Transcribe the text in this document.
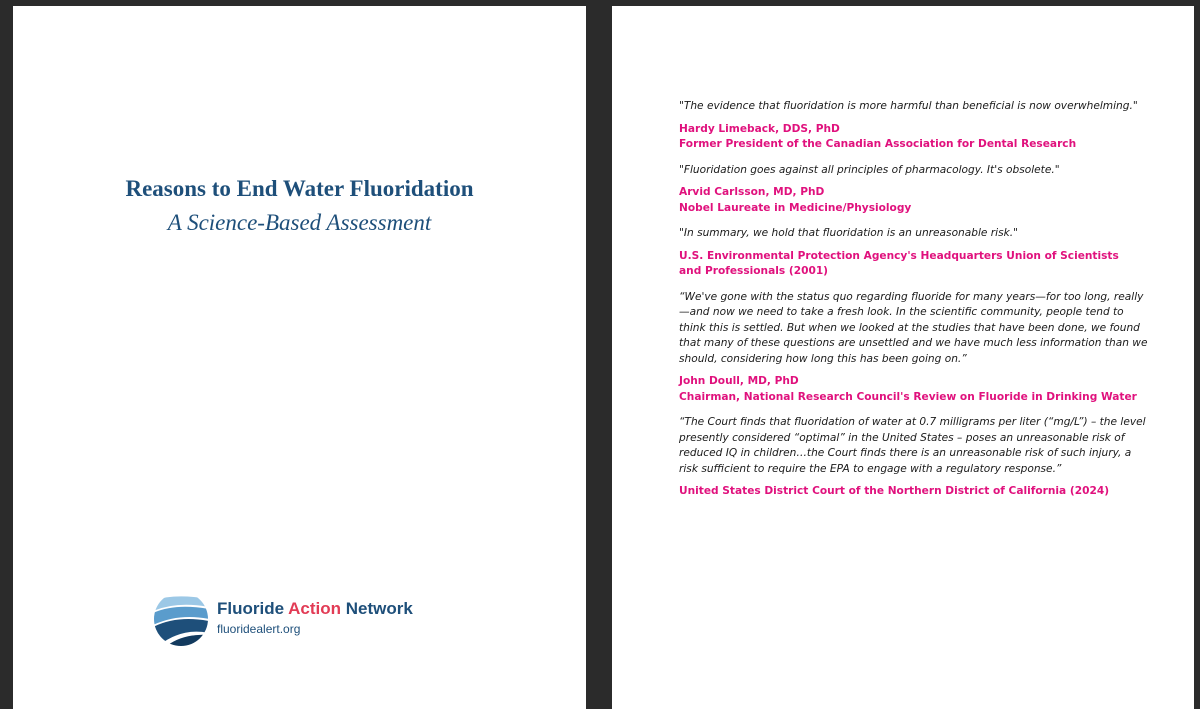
Reasons to End Water Fluoridation
A Science-Based Assessment
Fluoride Action Network
fluoridealert.org

"The evidence that fluoridation is more harmful than beneficial is now overwhelming."

Hardy Limeback, DDS, PhD
Former President of the Canadian Association for Dental Research

"Fluoridation goes against all principles of pharmacology. It's obsolete."

Arvid Carlsson, MD, PhD
Nobel Laureate in Medicine/Physiology

"In summary, we hold that fluoridation is an unreasonable risk."

U.S. Environmental Protection Agency's Headquarters Union of Scientists
and Professionals (2001)

“We've gone with the status quo regarding fluoride for many years—for too long, really—and now we need to take a fresh look. In the scientific community, people tend to think this is settled. But when we looked at the studies that have been done, we found that many of these questions are unsettled and we have much less information than we should, considering how long this has been going on.”

John Doull, MD, PhD
Chairman, National Research Council's Review on Fluoride in Drinking Water

“The Court finds that fluoridation of water at 0.7 milligrams per liter (“mg/L”) – the level presently considered “optimal” in the United States – poses an unreasonable risk of reduced IQ in children…the Court finds there is an unreasonable risk of such injury, a risk sufficient to require the EPA to engage with a regulatory response.”

United States District Court of the Northern District of California (2024)
